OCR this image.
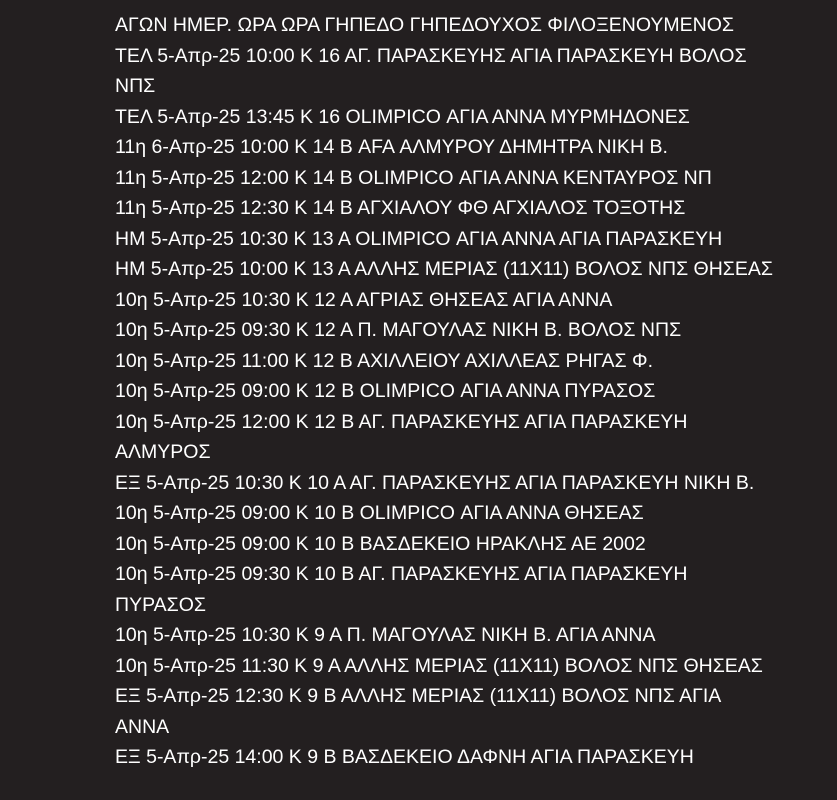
ΑΓΩΝ ΗΜΕΡ. ΩΡΑ ΩΡΑ ΓΗΠΕΔΟ ΓΗΠΕΔΟΥΧΟΣ ΦΙΛΟΞΕΝΟΥΜΕΝΟΣ
ΤΕΛ 5-Απρ-25 10:00 Κ 16 ΑΓ. ΠΑΡΑΣΚΕΥΗΣ ΑΓΙΑ ΠΑΡΑΣΚΕΥΗ ΒΟΛΟΣ
ΝΠΣ
ΤΕΛ 5-Απρ-25 13:45 Κ 16 OLIMPICO ΑΓΙΑ ΑΝΝΑ ΜΥΡΜΗΔΟΝΕΣ
11η 6-Απρ-25 10:00 Κ 14 Β AFA ΑΛΜΥΡΟΥ ΔΗΜΗΤΡΑ ΝΙΚΗ Β.
11η 5-Απρ-25 12:00 Κ 14 Β OLIMPICO ΑΓΙΑ ΑΝΝΑ ΚΕΝΤΑΥΡΟΣ ΝΠ
11η 5-Απρ-25 12:30 Κ 14 Β ΑΓΧΙΑΛΟΥ ΦΘ ΑΓΧΙΑΛΟΣ ΤΟΞΟΤΗΣ
ΗΜ 5-Απρ-25 10:30 Κ 13 Α OLIMPICO ΑΓΙΑ ΑΝΝΑ ΑΓΙΑ ΠΑΡΑΣΚΕΥΗ
ΗΜ 5-Απρ-25 10:00 Κ 13 Α ΑΛΛΗΣ ΜΕΡΙΑΣ (11Χ11) ΒΟΛΟΣ ΝΠΣ ΘΗΣΕΑΣ
10η 5-Απρ-25 10:30 Κ 12 Α ΑΓΡΙΑΣ ΘΗΣΕΑΣ ΑΓΙΑ ΑΝΝΑ
10η 5-Απρ-25 09:30 Κ 12 Α Π. ΜΑΓΟΥΛΑΣ ΝΙΚΗ Β. ΒΟΛΟΣ ΝΠΣ
10η 5-Απρ-25 11:00 Κ 12 Β ΑΧΙΛΛΕΙΟΥ ΑΧΙΛΛΕΑΣ ΡΗΓΑΣ Φ.
10η 5-Απρ-25 09:00 Κ 12 Β OLIMPICO ΑΓΙΑ ΑΝΝΑ ΠΥΡΑΣΟΣ
10η 5-Απρ-25 12:00 Κ 12 Β ΑΓ. ΠΑΡΑΣΚΕΥΗΣ ΑΓΙΑ ΠΑΡΑΣΚΕΥΗ
ΑΛΜΥΡΟΣ
ΕΞ 5-Απρ-25 10:30 Κ 10 Α ΑΓ. ΠΑΡΑΣΚΕΥΗΣ ΑΓΙΑ ΠΑΡΑΣΚΕΥΗ ΝΙΚΗ Β.
10η 5-Απρ-25 09:00 Κ 10 Β OLIMPICO ΑΓΙΑ ΑΝΝΑ ΘΗΣΕΑΣ
10η 5-Απρ-25 09:00 Κ 10 Β ΒΑΣΔΕΚΕΙΟ ΗΡΑΚΛΗΣ ΑΕ 2002
10η 5-Απρ-25 09:30 Κ 10 Β ΑΓ. ΠΑΡΑΣΚΕΥΗΣ ΑΓΙΑ ΠΑΡΑΣΚΕΥΗ
ΠΥΡΑΣΟΣ
10η 5-Απρ-25 10:30 Κ 9 Α Π. ΜΑΓΟΥΛΑΣ ΝΙΚΗ Β. ΑΓΙΑ ΑΝΝΑ
10η 5-Απρ-25 11:30 Κ 9 Α ΑΛΛΗΣ ΜΕΡΙΑΣ (11Χ11) ΒΟΛΟΣ ΝΠΣ ΘΗΣΕΑΣ
ΕΞ 5-Απρ-25 12:30 Κ 9 Β ΑΛΛΗΣ ΜΕΡΙΑΣ (11Χ11) ΒΟΛΟΣ ΝΠΣ ΑΓΙΑ
ΑΝΝΑ
ΕΞ 5-Απρ-25 14:00 Κ 9 Β ΒΑΣΔΕΚΕΙΟ ΔΑΦΝΗ ΑΓΙΑ ΠΑΡΑΣΚΕΥΗ
